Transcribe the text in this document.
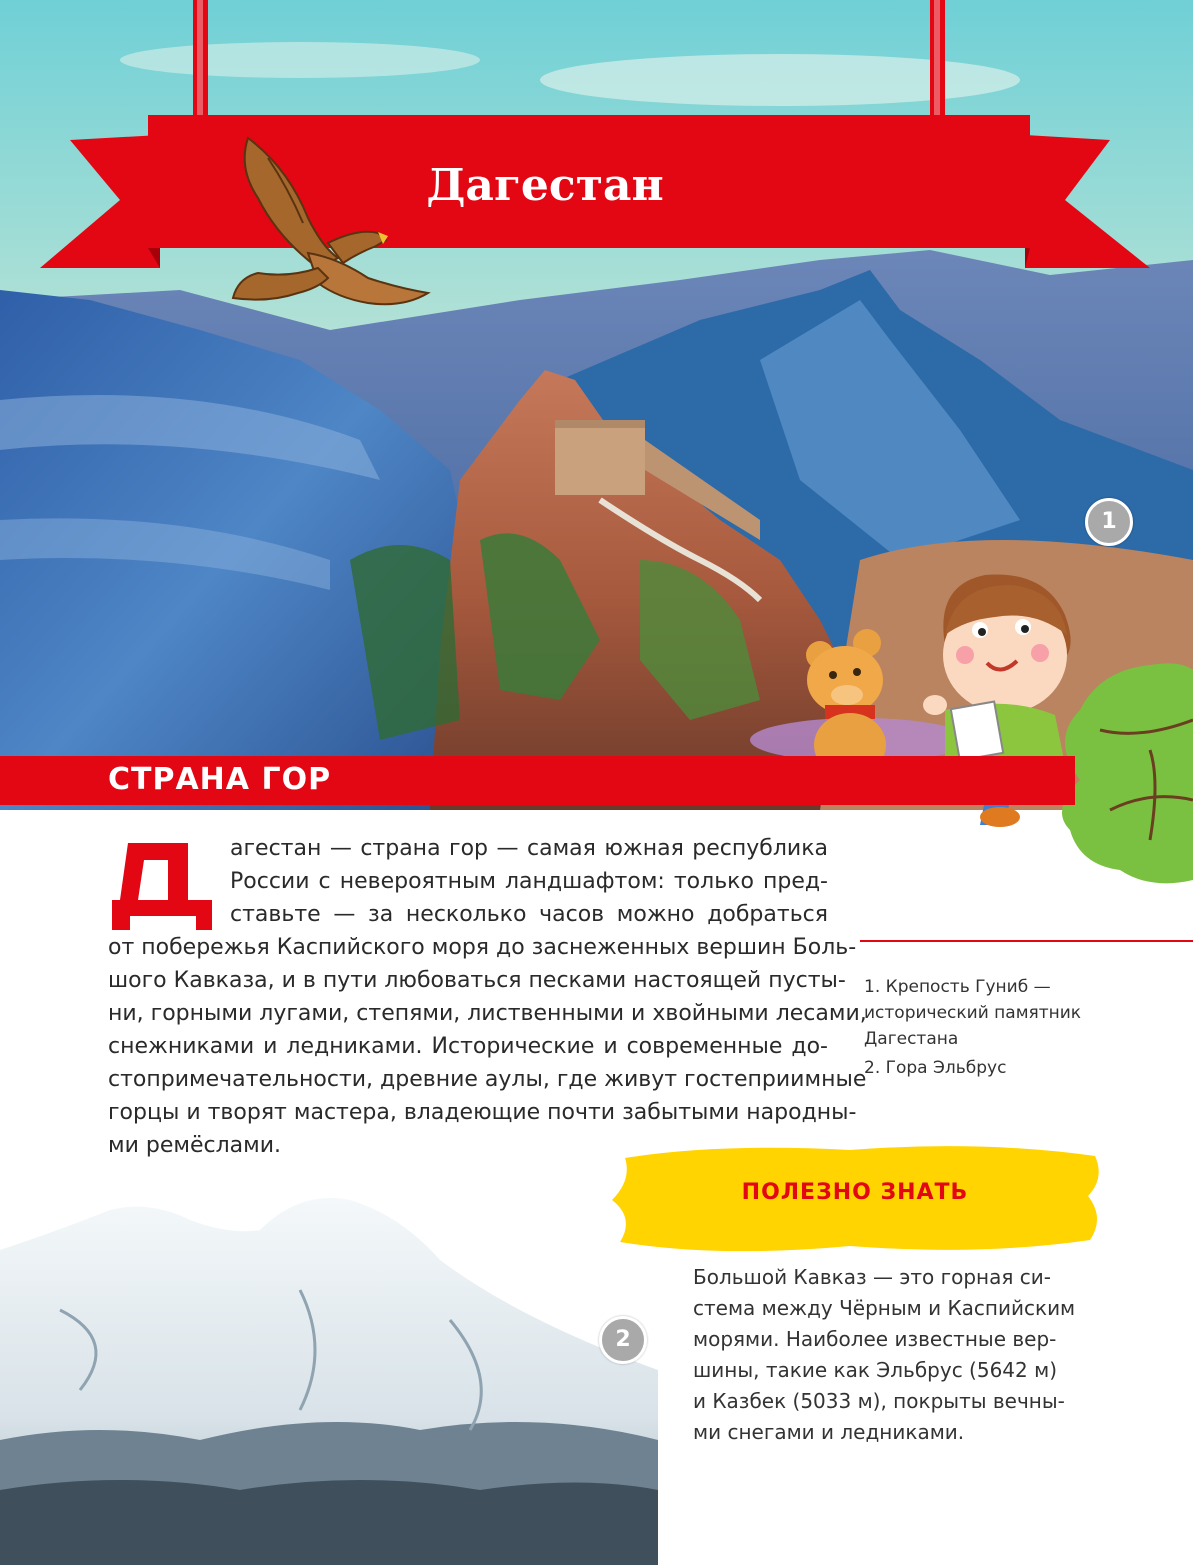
Дагестан
1
СТРАНА ГОР
агестан — страна гор — самая южная республика
России с невероятным ландшафтом: только пред-
ставьте — за несколько часов можно добраться
от побережья Каспийского моря до заснеженных вершин Боль-
шого Кавказа, и в пути любоваться песками настоящей пусты-
ни, горными лугами, степями, лиственными и хвойными лесами,
снежниками и ледниками. Исторические и современные до-
стопримечательности, древние аулы, где живут гостеприимные
горцы и творят мастера, владеющие почти забытыми народны-
ми ремёслами.
1. Крепость Гуниб —
исторический памятник
Дагестана
2. Гора Эльбрус
ПОЛЕЗНО ЗНАТЬ
Большой Кавказ — это горная си-
стема между Чёрным и Каспийским
морями. Наиболее известные вер-
шины, такие как Эльбрус (5642 м)
и Казбек (5033 м), покрыты вечны-
ми снегами и ледниками.
2
